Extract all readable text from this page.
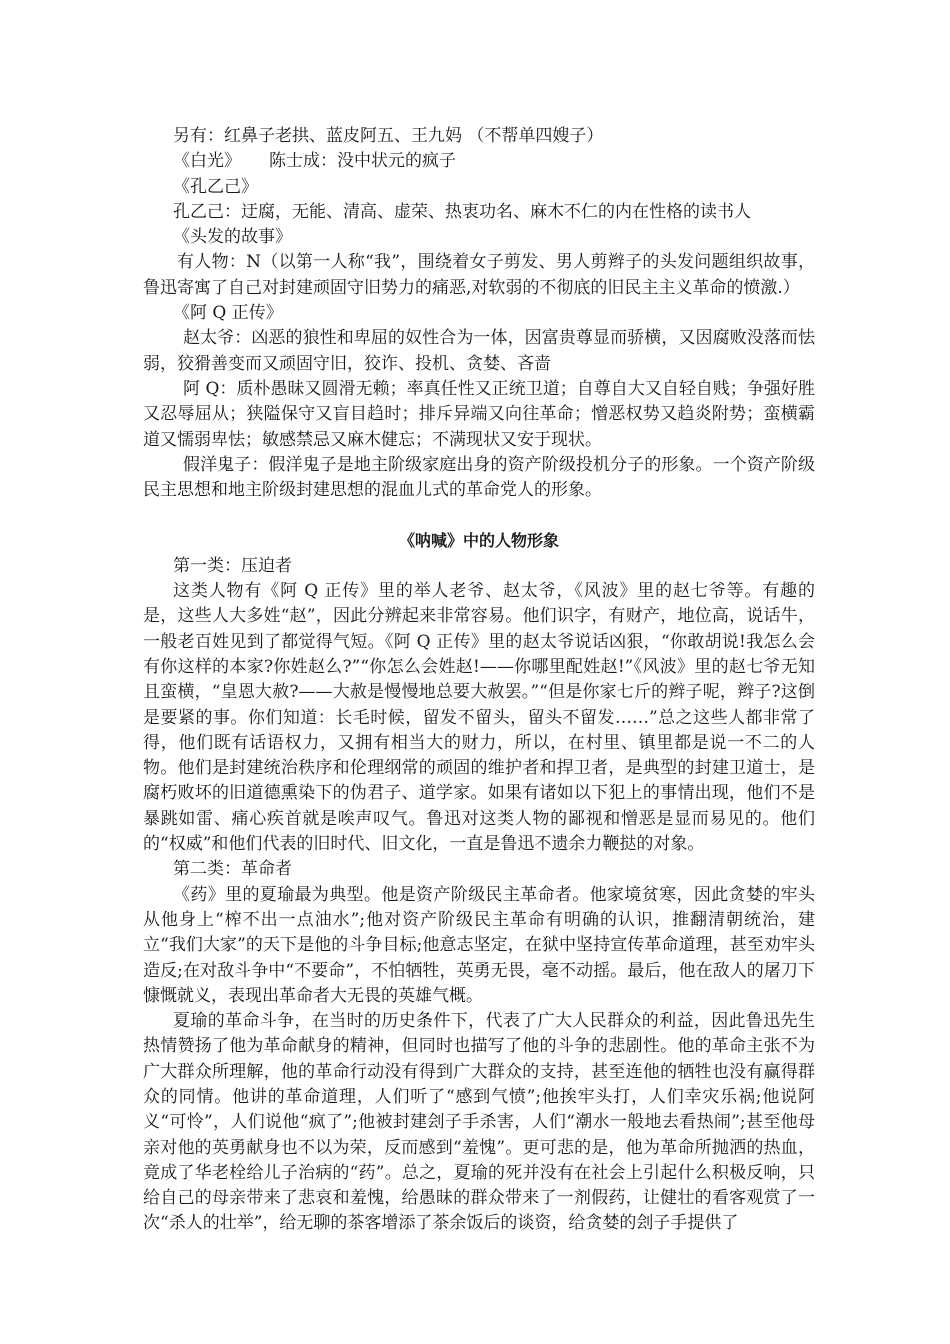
另有：红鼻子老拱、蓝皮阿五、王九妈 （不帮单四嫂子）

《白光》 陈士成：没中状元的疯子

《孔乙己》

孔乙己：迂腐，无能、清高、虚荣、热衷功名、麻木不仁的内在性格的读书人

《头发的故事》

有人物：N（以第一人称“我”，围绕着女子剪发、男人剪辫子的头发问题组织故事，鲁迅寄寓了自己对封建顽固守旧势力的痛恶,对软弱的不彻底的旧民主主义革命的愤激.）

《阿 Q 正传》

赵太爷：凶恶的狼性和卑屈的奴性合为一体，因富贵尊显而骄横，又因腐败没落而怯弱，狡猾善变而又顽固守旧，狡诈、投机、贪婪、吝啬

阿 Q：质朴愚昧又圆滑无赖；率真任性又正统卫道；自尊自大又自轻自贱；争强好胜又忍辱屈从；狭隘保守又盲目趋时；排斥异端又向往革命；憎恶权势又趋炎附势；蛮横霸道又懦弱卑怯；敏感禁忌又麻木健忘；不满现状又安于现状。

假洋鬼子：假洋鬼子是地主阶级家庭出身的资产阶级投机分子的形象。一个资产阶级民主思想和地主阶级封建思想的混血儿式的革命党人的形象。

《呐喊》中的人物形象

第一类：压迫者

这类人物有《阿 Q 正传》里的举人老爷、赵太爷，《风波》里的赵七爷等。有趣的是，这些人大多姓“赵”，因此分辨起来非常容易。他们识字，有财产，地位高，说话牛，一般老百姓见到了都觉得气短。《阿 Q 正传》里的赵太爷说话凶狠，“你敢胡说!我怎么会有你这样的本家?你姓赵么?”“你怎么会姓赵!——你哪里配姓赵!”《风波》里的赵七爷无知且蛮横，“皇恩大赦?——大赦是慢慢地总要大赦罢。”“但是你家七斤的辫子呢，辫子?这倒是要紧的事。你们知道：长毛时候，留发不留头，留头不留发……”总之这些人都非常了得，他们既有话语权力，又拥有相当大的财力，所以，在村里、镇里都是说一不二的人物。他们是封建统治秩序和伦理纲常的顽固的维护者和捍卫者，是典型的封建卫道士，是腐朽败坏的旧道德熏染下的伪君子、道学家。如果有诸如以下犯上的事情出现，他们不是暴跳如雷、痛心疾首就是唉声叹气。鲁迅对这类人物的鄙视和憎恶是显而易见的。他们的“权威”和他们代表的旧时代、旧文化，一直是鲁迅不遗余力鞭挞的对象。

第二类：革命者

《药》里的夏瑜最为典型。他是资产阶级民主革命者。他家境贫寒，因此贪婪的牢头从他身上“榨不出一点油水”;他对资产阶级民主革命有明确的认识，推翻清朝统治，建立“我们大家”的天下是他的斗争目标;他意志坚定，在狱中坚持宣传革命道理，甚至劝牢头造反;在对敌斗争中“不要命”，不怕牺牲，英勇无畏，毫不动摇。最后，他在敌人的屠刀下慷慨就义，表现出革命者大无畏的英雄气概。

夏瑜的革命斗争，在当时的历史条件下，代表了广大人民群众的利益，因此鲁迅先生热情赞扬了他为革命献身的精神，但同时也描写了他的斗争的悲剧性。他的革命主张不为广大群众所理解，他的革命行动没有得到广大群众的支持，甚至连他的牺牲也没有赢得群众的同情。他讲的革命道理，人们听了“感到气愤”;他挨牢头打，人们幸灾乐祸;他说阿义“可怜”，人们说他“疯了”;他被封建刽子手杀害，人们“潮水一般地去看热闹”;甚至他母亲对他的英勇献身也不以为荣，反而感到“羞愧”。更可悲的是，他为革命所抛洒的热血，竟成了华老栓给儿子治病的“药”。总之，夏瑜的死并没有在社会上引起什么积极反响，只给自己的母亲带来了悲哀和羞愧，给愚昧的群众带来了一剂假药，让健壮的看客观赏了一次“杀人的壮举”，给无聊的茶客增添了茶余饭后的谈资，给贪婪的刽子手提供了
